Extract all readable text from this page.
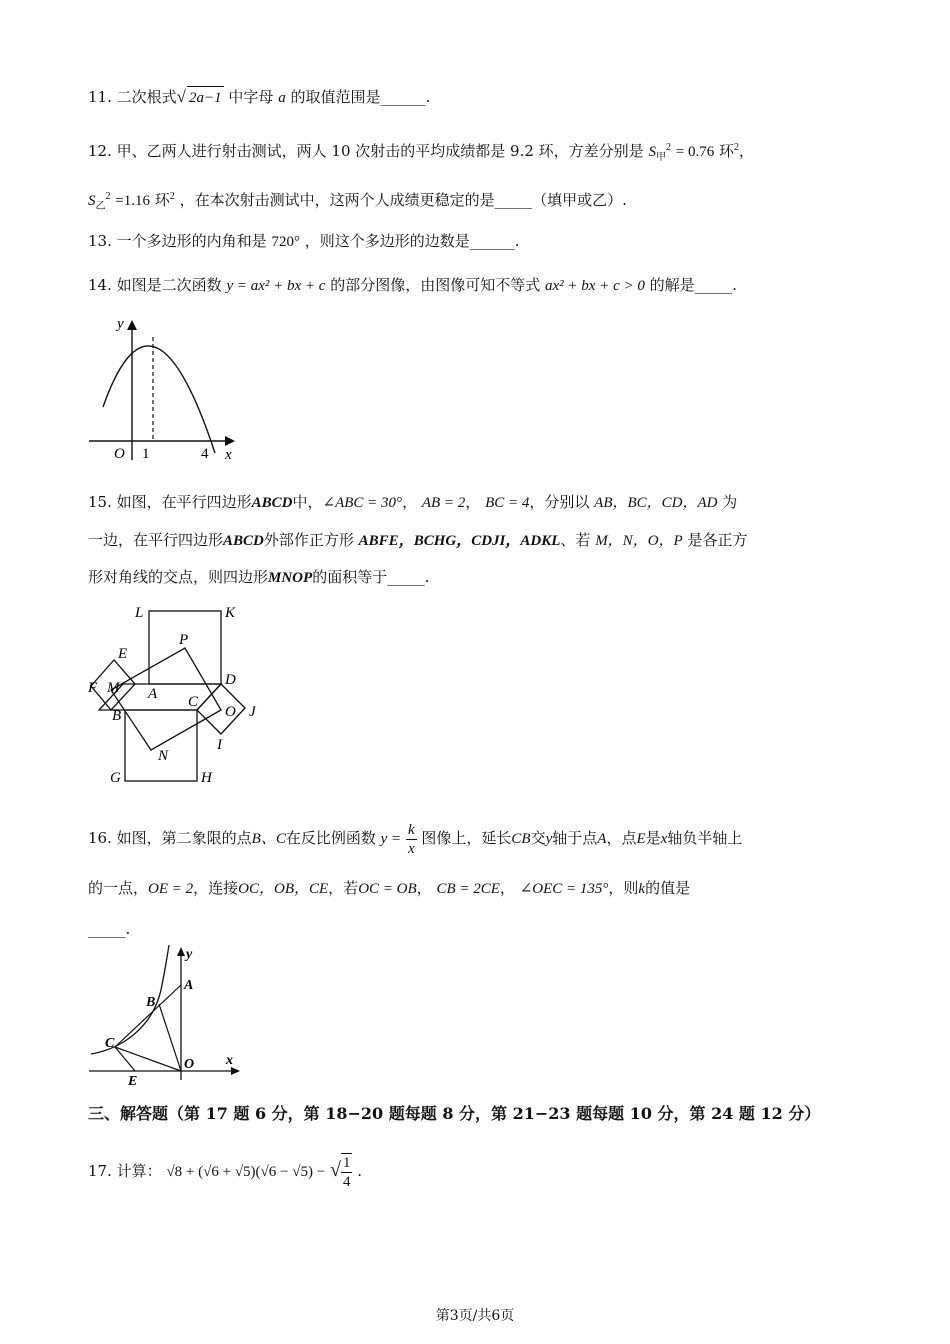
11. 二次根式√ 2a−1 中字母 a 的取值范围是______.
12. 甲、乙两人进行射击测试，两人 10 次射击的平均成绩都是 9.2 环，方差分别是 $S_甲^2 = 0.76$ 环$^2$，
$S_乙^2 =1.16$ 环$^2$ ，在本次射击测试中，这两个人成绩更稳定的是_____（填甲或乙）.
13. 一个多边形的内角和是 720° ，则这个多边形的边数是______.
14. 如图是二次函数 y = ax² + bx + c 的部分图像，由图像可知不等式 ax² + bx + c > 0 的解是_____.
y
O 1	4 x
15. 如图，在平行四边形ABCD中，∠ABC = 30°， AB = 2， BC = 4，分别以 AB，BC，CD，AD 为
一边，在平行四边形ABCD外部作正方形 ABFE，BCHG，CDJI，ADKL、若 M，N，O，P 是各正方
形对角线的交点，则四边形MNOP的面积等于_____.
L	K
P
E
D
F M A C
O J
B
I
N
G	H
16. 如图，第二象限的点B、C在反比例函数 $y = \frac{k}{x}$ 图像上，延长CB交y轴于点A，点E是x轴负半轴上
的一点，OE = 2，连接OC，OB，CE，若OC = OB， CB = 2CE， ∠OEC = 135°，则k的值是
_____.
y
A
B
C
O x
E
三、解答题（第 17 题 6 分，第 18−20 题每题 8 分，第 21−23 题每题 10 分，第 24 题 12 分）
17. 计算： √8 + (√6 + √5)(√6 − √5) − √ $\frac{1}{4}$ .
第3页/共6页
